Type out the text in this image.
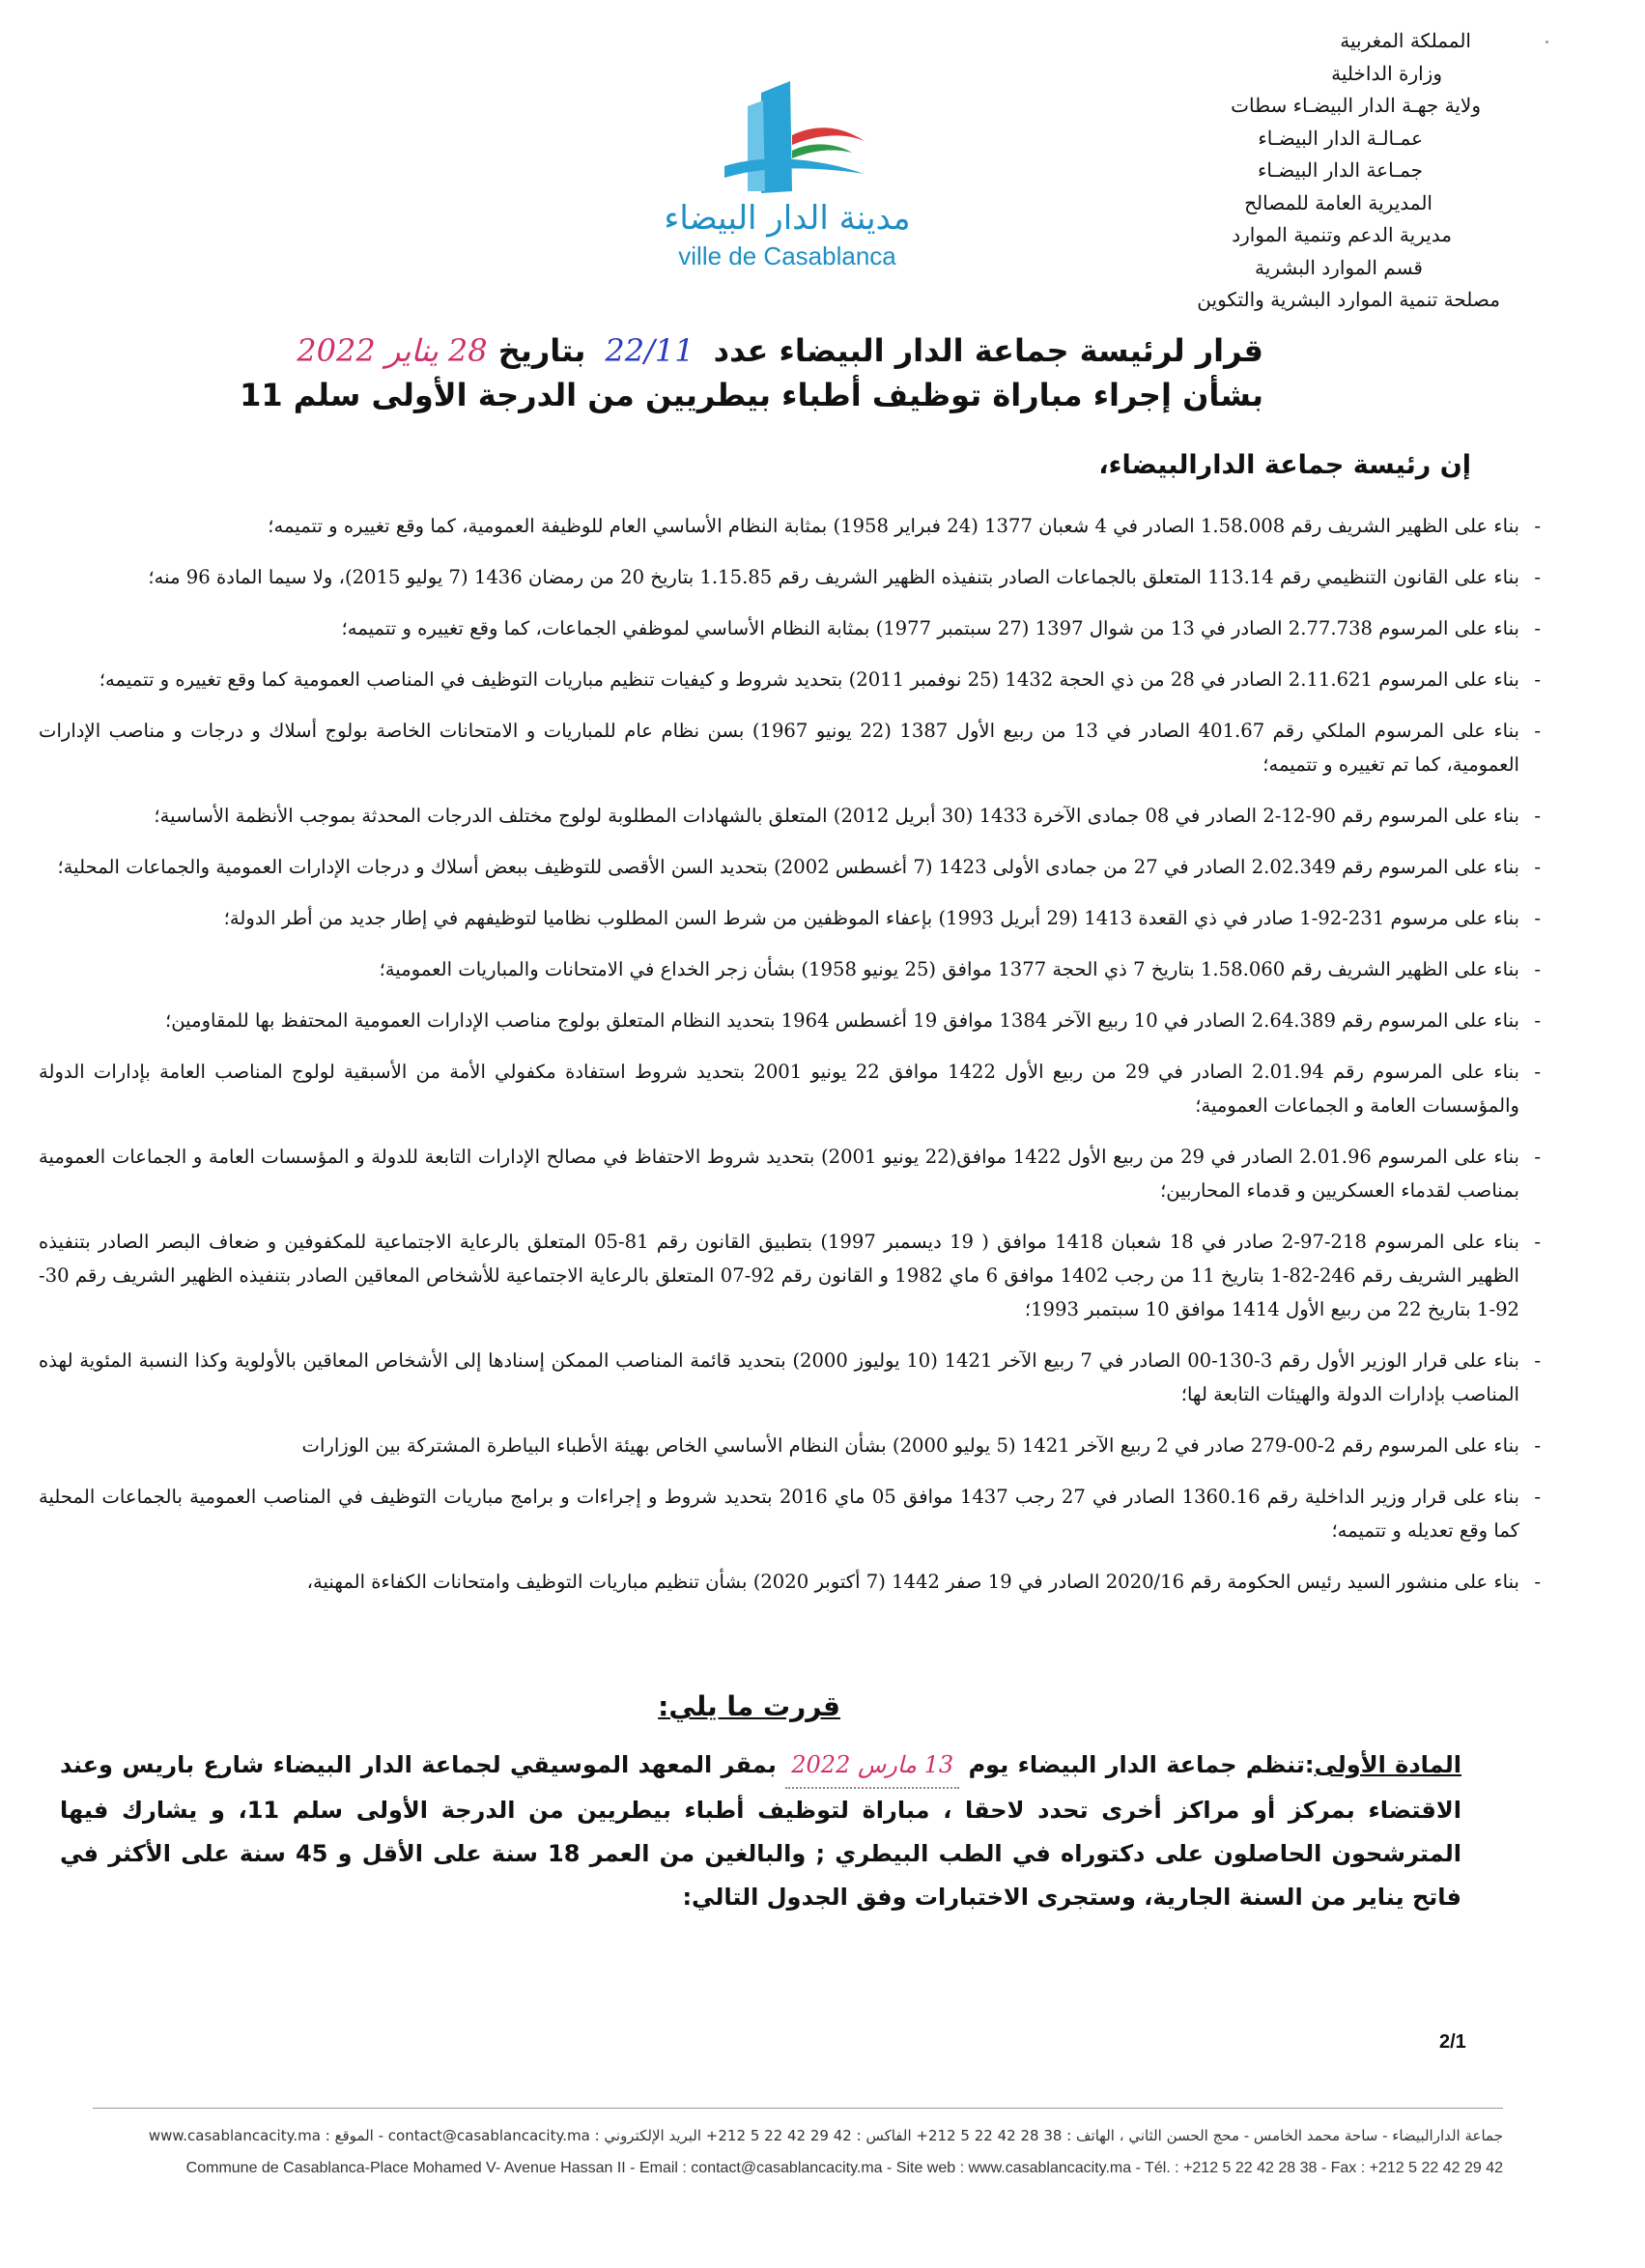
المملكة المغربية
وزارة الداخلية
ولاية جهـة الدار البيضـاء سطات
عمـالـة الدار البيضـاء
جمـاعة الدار البيضـاء
المديرية العامة للمصالح
مديرية الدعم وتنمية الموارد
قسم الموارد البشرية
مصلحة تنمية الموارد البشرية والتكوين
مدينة الدار البيضاء
ville de Casablanca
قرار لرئيسة جماعة الدار البيضاء عدد 22/11 بتاريخ 28 يناير 2022
بشأن إجراء مباراة توظيف أطباء بيطريين من الدرجة الأولى سلم 11
إن رئيسة جماعة الدارالبيضاء،
- بناء على الظهير الشريف رقم 1.58.008 الصادر في 4 شعبان 1377 (24 فبراير 1958) بمثابة النظام الأساسي العام للوظيفة العمومية، كما وقع تغييره و تتميمه؛
- بناء على القانون التنظيمي رقم 113.14 المتعلق بالجماعات الصادر بتنفيذه الظهير الشريف رقم 1.15.85 بتاريخ 20 من رمضان 1436 (7 يوليو 2015)، ولا سيما المادة 96 منه؛
- بناء على المرسوم 2.77.738 الصادر في 13 من شوال 1397 (27 سبتمبر 1977) بمثابة النظام الأساسي لموظفي الجماعات، كما وقع تغييره و تتميمه؛
- بناء على المرسوم 2.11.621 الصادر في 28 من ذي الحجة 1432 (25 نوفمبر 2011) بتحديد شروط و كيفيات تنظيم مباريات التوظيف في المناصب العمومية كما وقع تغييره و تتميمه؛
- بناء على المرسوم الملكي رقم 401.67 الصادر في 13 من ربيع الأول 1387 (22 يونيو 1967) بسن نظام عام للمباريات و الامتحانات الخاصة بولوج أسلاك و درجات و مناصب الإدارات العمومية، كما تم تغييره و تتميمه؛
- بناء على المرسوم رقم 90-12-2 الصادر في 08 جمادى الآخرة 1433 (30 أبريل 2012) المتعلق بالشهادات المطلوبة لولوج مختلف الدرجات المحدثة بموجب الأنظمة الأساسية؛
- بناء على المرسوم رقم 2.02.349 الصادر في 27 من جمادى الأولى 1423 (7 أغسطس 2002) بتحديد السن الأقصى للتوظيف ببعض أسلاك و درجات الإدارات العمومية والجماعات المحلية؛
- بناء على مرسوم 231-92-1 صادر في ذي القعدة 1413 (29 أبريل 1993) بإعفاء الموظفين من شرط السن المطلوب نظاميا لتوظيفهم في إطار جديد من أطر الدولة؛
- بناء على الظهير الشريف رقم 1.58.060 بتاريخ 7 ذي الحجة 1377 موافق (25 يونيو 1958) بشأن زجر الخداع في الامتحانات والمباريات العمومية؛
- بناء على المرسوم رقم 2.64.389 الصادر في 10 ربيع الآخر 1384 موافق 19 أغسطس 1964 بتحديد النظام المتعلق بولوج مناصب الإدارات العمومية المحتفظ بها للمقاومين؛
- بناء على المرسوم رقم 2.01.94 الصادر في 29 من ربيع الأول 1422 موافق 22 يونيو 2001 بتحديد شروط استفادة مكفولي الأمة من الأسبقية لولوج المناصب العامة بإدارات الدولة والمؤسسات العامة و الجماعات العمومية؛
- بناء على المرسوم 2.01.96 الصادر في 29 من ربيع الأول 1422 موافق(22 يونيو 2001) بتحديد شروط الاحتفاظ في مصالح الإدارات التابعة للدولة و المؤسسات العامة و الجماعات العمومية بمناصب لقدماء العسكريين و قدماء المحاربين؛
- بناء على المرسوم 218-97-2 صادر في 18 شعبان 1418 موافق ( 19 ديسمبر 1997) بتطبيق القانون رقم 81-05 المتعلق بالرعاية الاجتماعية للمكفوفين و ضعاف البصر الصادر بتنفيذه الظهير الشريف رقم 246-82-1 بتاريخ 11 من رجب 1402 موافق 6 ماي 1982 و القانون رقم 92-07 المتعلق بالرعاية الاجتماعية للأشخاص المعاقين الصادر بتنفيذه الظهير الشريف رقم 30-92-1 بتاريخ 22 من ربيع الأول 1414 موافق 10 سبتمبر 1993؛
- بناء على قرار الوزير الأول رقم 3-130-00 الصادر في 7 ربيع الآخر 1421 (10 يوليوز 2000) بتحديد قائمة المناصب الممكن إسنادها إلى الأشخاص المعاقين بالأولوية وكذا النسبة المئوية لهذه المناصب بإدارات الدولة والهيئات التابعة لها؛
- بناء على المرسوم رقم 2-00-279 صادر في 2 ربيع الآخر 1421 (5 يوليو 2000) بشأن النظام الأساسي الخاص بهيئة الأطباء البياطرة المشتركة بين الوزارات
- بناء على قرار وزير الداخلية رقم 1360.16 الصادر في 27 رجب 1437 موافق 05 ماي 2016 بتحديد شروط و إجراءات و برامج مباريات التوظيف في المناصب العمومية بالجماعات المحلية كما وقع تعديله و تتميمه؛
- بناء على منشور السيد رئيس الحكومة رقم 2020/16 الصادر في 19 صفر 1442 (7 أكتوبر 2020) بشأن تنظيم مباريات التوظيف وامتحانات الكفاءة المهنية،
قررت ما يلي:
المادة الأولى:تنظم جماعة الدار البيضاء يوم 13 مارس 2022 بمقر المعهد الموسيقي لجماعة الدار البيضاء شارع باريس وعند الاقتضاء بمركز أو مراكز أخرى تحدد لاحقا ، مباراة لتوظيف أطباء بيطريين من الدرجة الأولى سلم 11، و يشارك فيها المترشحون الحاصلون على دكتوراه في الطب البيطري ; والبالغين من العمر 18 سنة على الأقل و 45 سنة على الأكثر في فاتح يناير من السنة الجارية، وستجرى الاختبارات وفق الجدول التالي:
2/1
جماعة الدارالبيضاء - ساحة محمد الخامس - محج الحسن الثاني ، الهاتف : 38 28 42 22 5 212+ الفاكس : 42 29 42 22 5 212+ البريد الإلكتروني : contact@casablancacity.ma - الموقع : www.casablancacity.ma
Commune de Casablanca-Place Mohamed V- Avenue Hassan II - Email : contact@casablancacity.ma - Site web : www.casablancacity.ma - Tél. : +212 5 22 42 28 38 - Fax : +212 5 22 42 29 42
